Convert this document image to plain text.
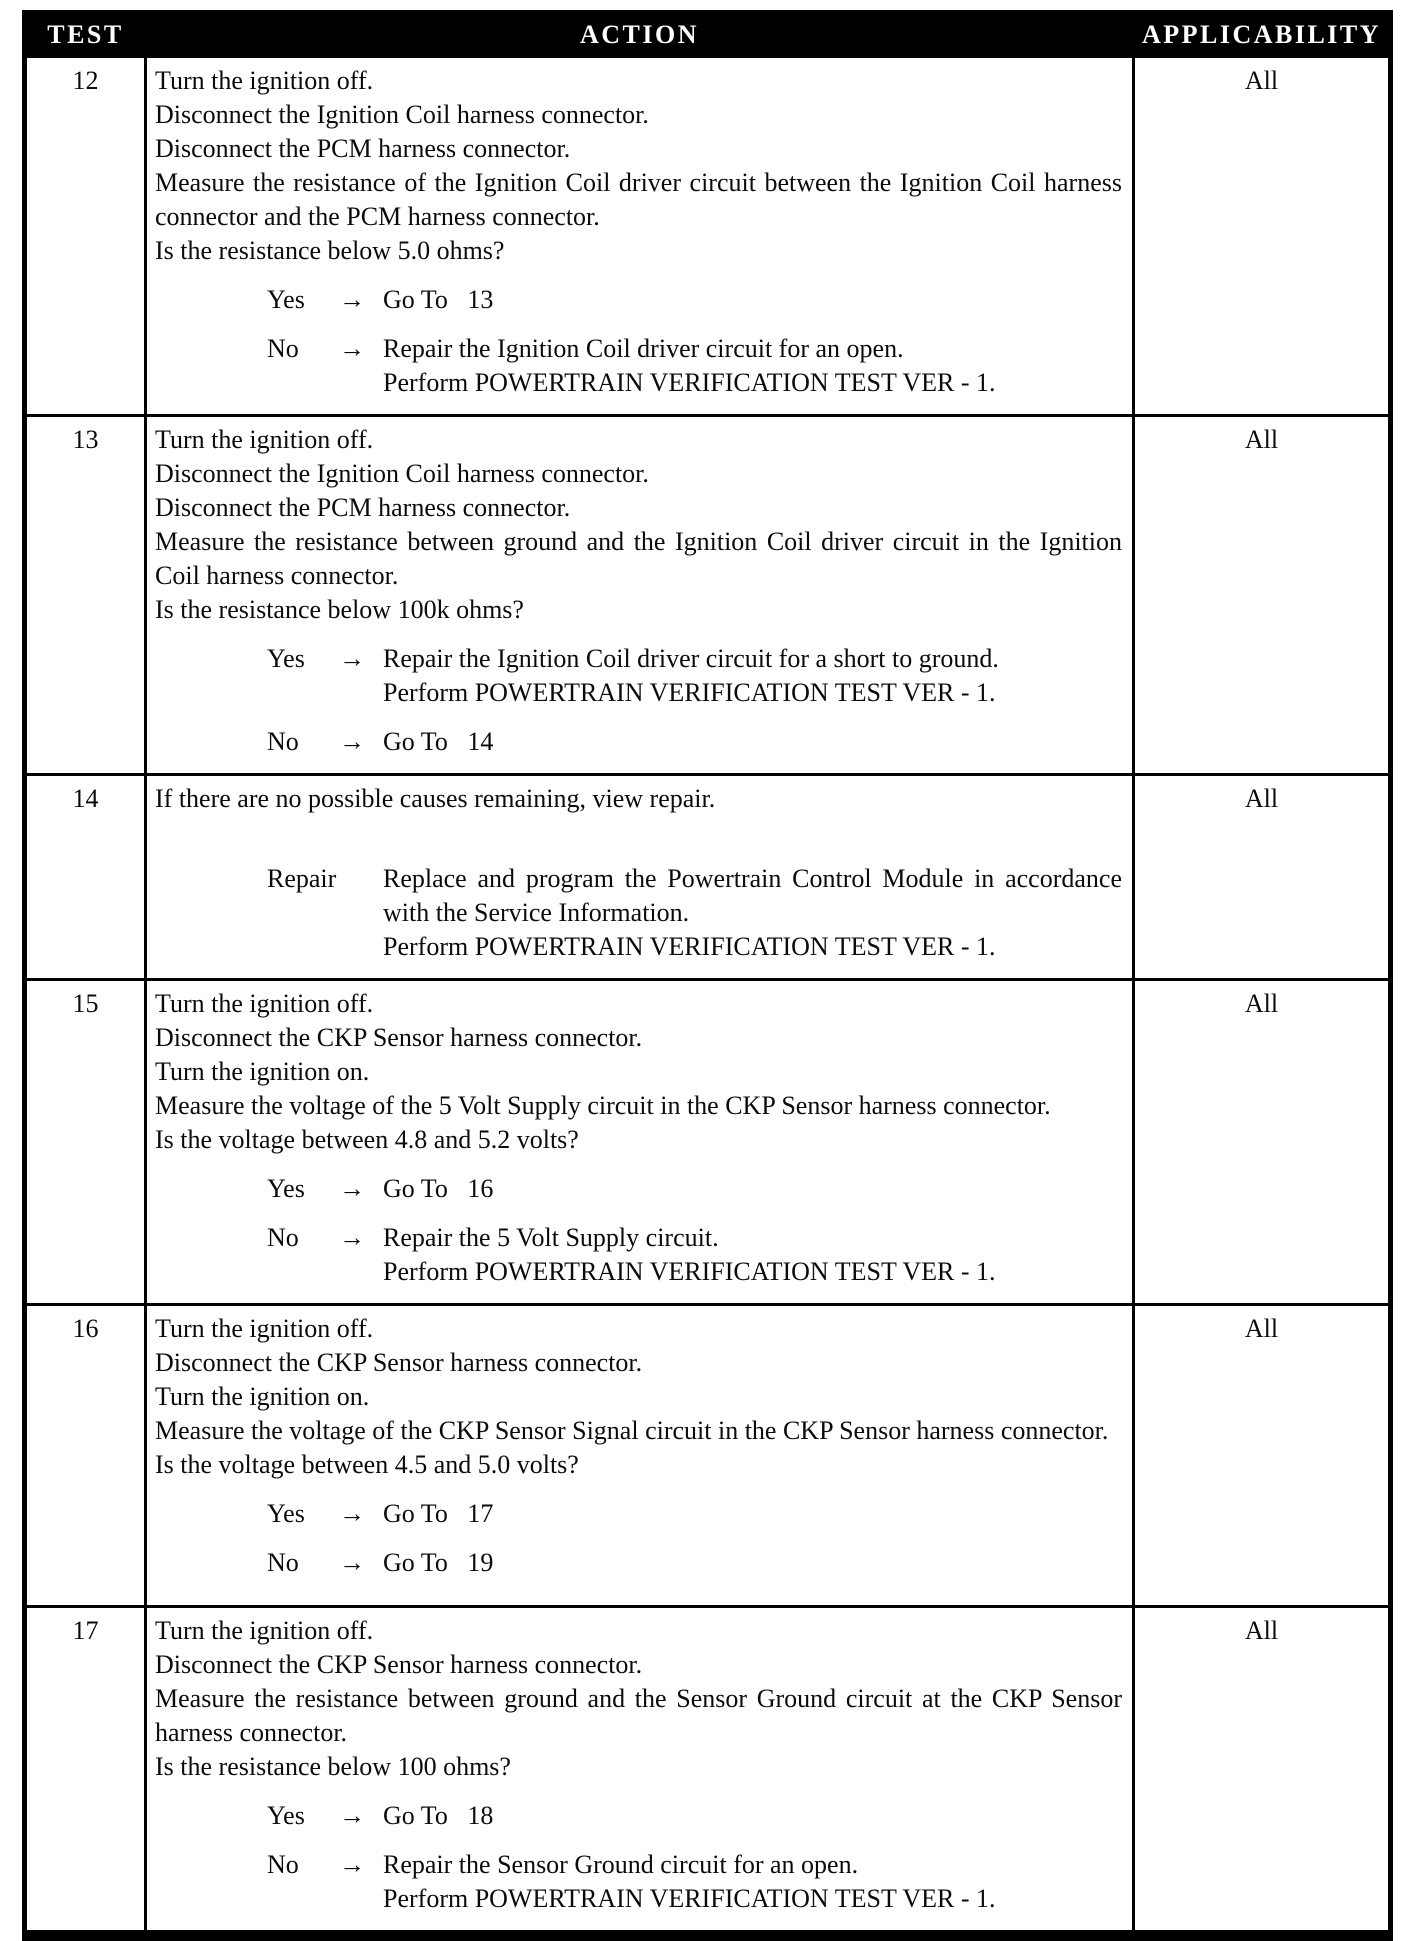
TEST	ACTION	APPLICABILITY
12	Turn the ignition off.
Disconnect the Ignition Coil harness connector.
Disconnect the PCM harness connector.
Measure the resistance of the Ignition Coil driver circuit between the Ignition Coil harness connector and the PCM harness connector.
Is the resistance below 5.0 ohms?
Yes	→ Go To   13
No	→ Repair the Ignition Coil driver circuit for an open.
Perform POWERTRAIN VERIFICATION TEST VER - 1.
	All
13	Turn the ignition off.
Disconnect the Ignition Coil harness connector.
Disconnect the PCM harness connector.
Measure the resistance between ground and the Ignition Coil driver circuit in the Ignition Coil harness connector.
Is the resistance below 100k ohms?
Yes	→ Repair the Ignition Coil driver circuit for a short to ground.
Perform POWERTRAIN VERIFICATION TEST VER - 1.
No	→ Go To   14
	All
14	If there are no possible causes remaining, view repair.
Repair Replace and program the Powertrain Control Module in accordance with the Service Information.
Perform POWERTRAIN VERIFICATION TEST VER - 1.	All
15	Turn the ignition off.
Disconnect the CKP Sensor harness connector.
Turn the ignition on.
Measure the voltage of the 5 Volt Supply circuit in the CKP Sensor harness connector.
Is the voltage between 4.8 and 5.2 volts?
Yes	→ Go To   16
No	→ Repair the 5 Volt Supply circuit.
Perform POWERTRAIN VERIFICATION TEST VER - 1.
	All
16	Turn the ignition off.
Disconnect the CKP Sensor harness connector.
Turn the ignition on.
Measure the voltage of the CKP Sensor Signal circuit in the CKP Sensor harness connector.
Is the voltage between 4.5 and 5.0 volts?
Yes	→ Go To   17
No	→ Go To   19
	All
17	Turn the ignition off.
Disconnect the CKP Sensor harness connector.
Measure the resistance between ground and the Sensor Ground circuit at the CKP Sensor harness connector.
Is the resistance below 100 ohms?
Yes	→ Go To   18
No	→ Repair the Sensor Ground circuit for an open.
Perform POWERTRAIN VERIFICATION TEST VER - 1.
	All
